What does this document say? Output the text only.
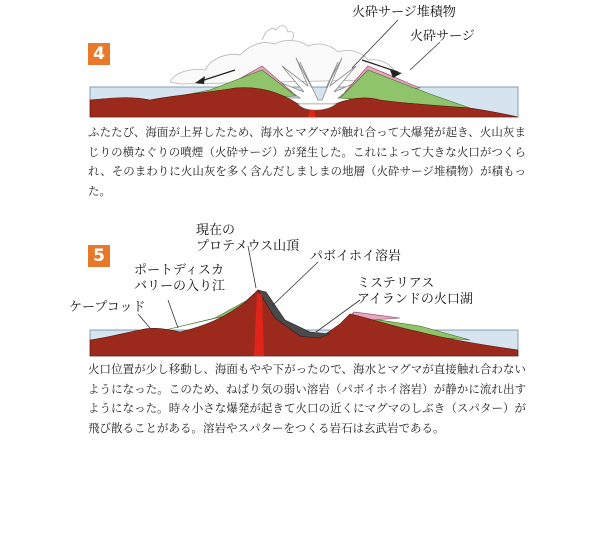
4
火砕サージ堆積物
火砕サージ
ふたたび、海面が上昇したため、海水とマグマが触れ合って大爆発が起き、火山灰まじりの横なぐりの噴煙（火砕サージ）が発生した。これによって大きな火口がつくられ、そのまわりに火山灰を多く含んだしましまの地層（火砕サージ堆積物）が積もった。
5
現在の
プロテメウス山頂
パボイホイ溶岩
ポートディスカ
バリーの入り江	ミステリアス
アイランドの火口湖
ケープコッド
火口位置が少し移動し、海面もやや下がったので、海水とマグマが直接触れ合わないようになった。このため、ねばり気の弱い溶岩（パボイホイ溶岩）が静かに流れ出すようになった。時々小さな爆発が起きて火口の近くにマグマのしぶき（スパター）が飛び散ることがある。溶岩やスパターをつくる岩石は玄武岩である。
